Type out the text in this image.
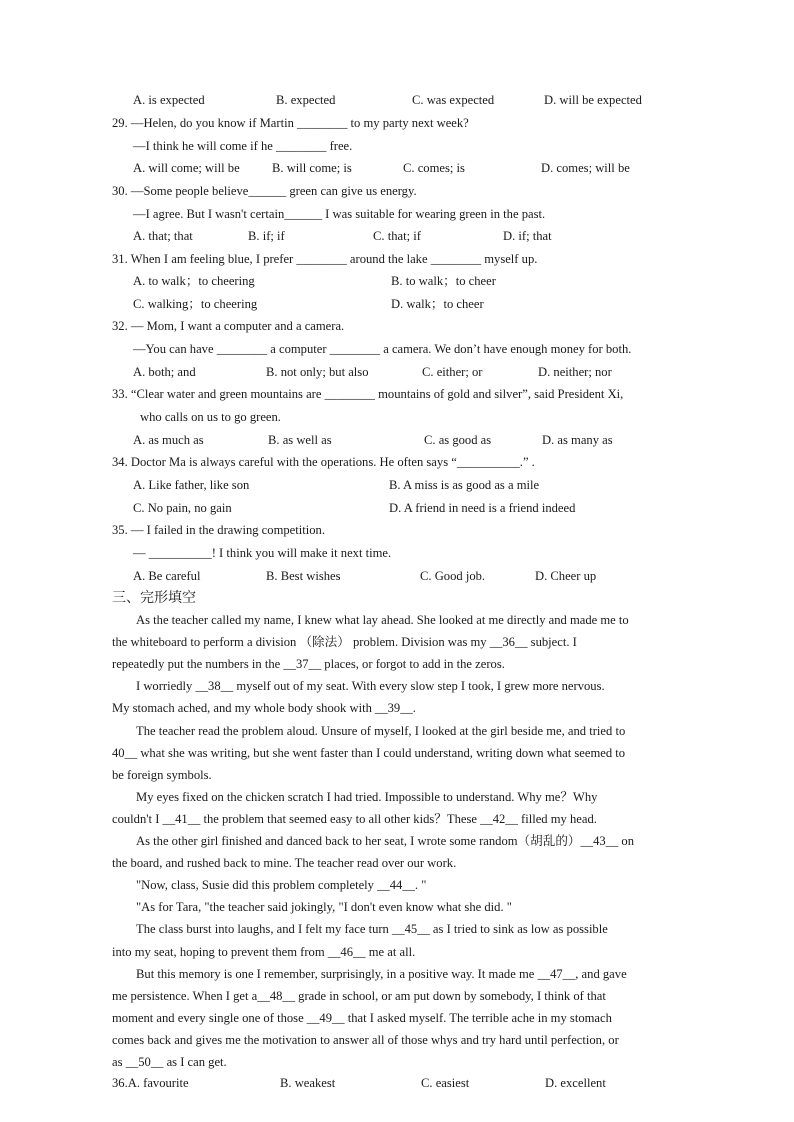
A. is expected	B. expected	C. was expected	D. will be expected
29. —Helen, do you know if Martin ________ to my party next week?
—I think he will come if he ________ free.
A. will come; will be	B. will come; is	C. comes; is	D. comes; will be
30. —Some people believe______ green can give us energy.
—I agree. But I wasn't certain______ I was suitable for wearing green in the past.
A. that; that	B. if; if	C. that; if	D. if; that
31. When I am feeling blue, I prefer ________ around the lake ________ myself up.
A. to walk；to cheering	B. to walk；to cheer
C. walking；to cheering	D. walk；to cheer
32. — Mom, I want a computer and a camera.
—You can have ________ a computer ________ a camera. We don’t have enough money for both.
A. both; and	B. not only; but also	C. either; or	D. neither; nor
33. “Clear water and green mountains are ________ mountains of gold and silver”, said President Xi,
who calls on us to go green.
A. as much as	B. as well as	C. as good as	D. as many as
34. Doctor Ma is always careful with the operations. He often says “__________.” .
A. Like father, like son	B. A miss is as good as a mile
C. No pain, no gain	D. A friend in need is a friend indeed
35. — I failed in the drawing competition.
— __________! I think you will make it next time.
A. Be careful	B. Best wishes	C. Good job.	D. Cheer up
三、完形填空
As the teacher called my name, I knew what lay ahead. She looked at me directly and made me to
the whiteboard to perform a division （除法） problem. Division was my __36__ subject. I
repeatedly put the numbers in the __37__ places, or forgot to add in the zeros.
I worriedly __38__ myself out of my seat. With every slow step I took, I grew more nervous.
My stomach ached, and my whole body shook with __39__.
The teacher read the problem aloud. Unsure of myself, I looked at the girl beside me, and tried to
40__ what she was writing, but she went faster than I could understand, writing down what seemed to
be foreign symbols.
My eyes fixed on the chicken scratch I had tried. Impossible to understand. Why me？Why
couldn't I __41__ the problem that seemed easy to all other kids？These __42__ filled my head.
As the other girl finished and danced back to her seat, I wrote some random（胡乱的）__43__ on
the board, and rushed back to mine. The teacher read over our work.
"Now, class, Susie did this problem completely __44__. "
"As for Tara, "the teacher said jokingly, "I don't even know what she did. "
The class burst into laughs, and I felt my face turn __45__ as I tried to sink as low as possible
into my seat, hoping to prevent them from __46__ me at all.
But this memory is one I remember, surprisingly, in a positive way. It made me __47__, and gave
me persistence. When I get a__48__ grade in school, or am put down by somebody, I think of that
moment and every single one of those __49__ that I asked myself. The terrible ache in my stomach
comes back and gives me the motivation to answer all of those whys and try hard until perfection, or
as __50__ as I can get.
36.A. favourite	B. weakest	C. easiest	D. excellent
